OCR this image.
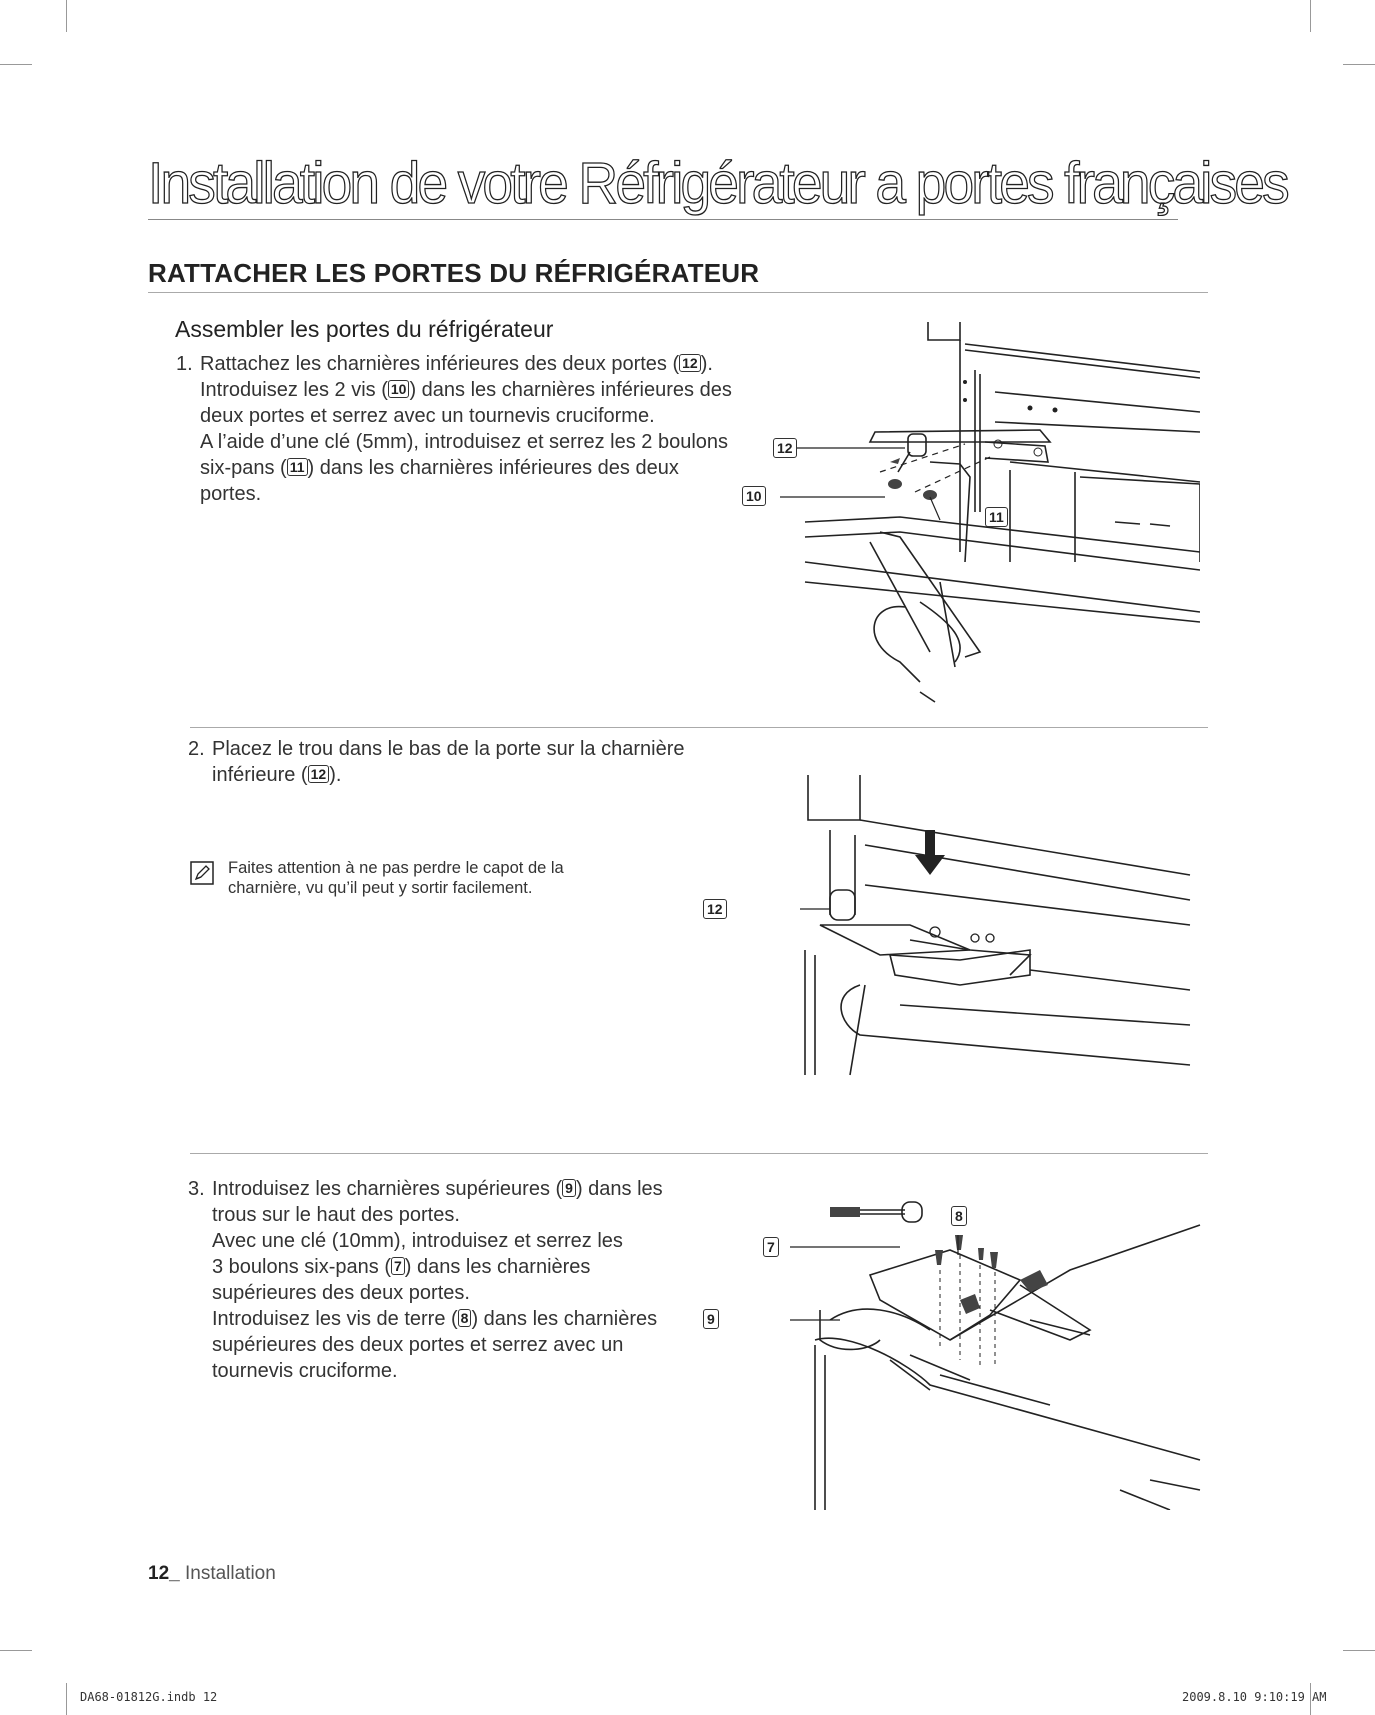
Installation de votre Réfrigérateur a portes françaises
RATTACHER LES PORTES DU RÉFRIGÉRATEUR
Assembler les portes du réfrigérateur
1. Rattachez les charnières inférieures des deux portes ( 12 ).

Introduisez les 2 vis ( 10 ) dans les charnières inférieures des

deux portes et serrez avec un tournevis cruciforme.

A l’aide d’une clé (5mm), introduisez et serrez les 2 boulons

six-pans ( 11 ) dans les charnières inférieures des deux

portes.

12
10
11
2. Placez le trou dans le bas de la porte sur la charnière

inférieure ( 12 ).

Faites attention à ne pas perdre le capot de la
charnière, vu qu’il peut y sortir facilement.
12
3. Introduisez les charnières supérieures ( 9 ) dans les

trous sur le haut des portes.

Avec une clé (10mm), introduisez et serrez les

3 boulons six-pans ( 7 ) dans les charnières

supérieures des deux portes.

Introduisez les vis de terre ( 8 ) dans les charnières

supérieures des deux portes et serrez avec un

tournevis cruciforme.

8
7
9
12_ Installation
DA68-01812G.indb 12	2009.8.10 9:10:19 AM
